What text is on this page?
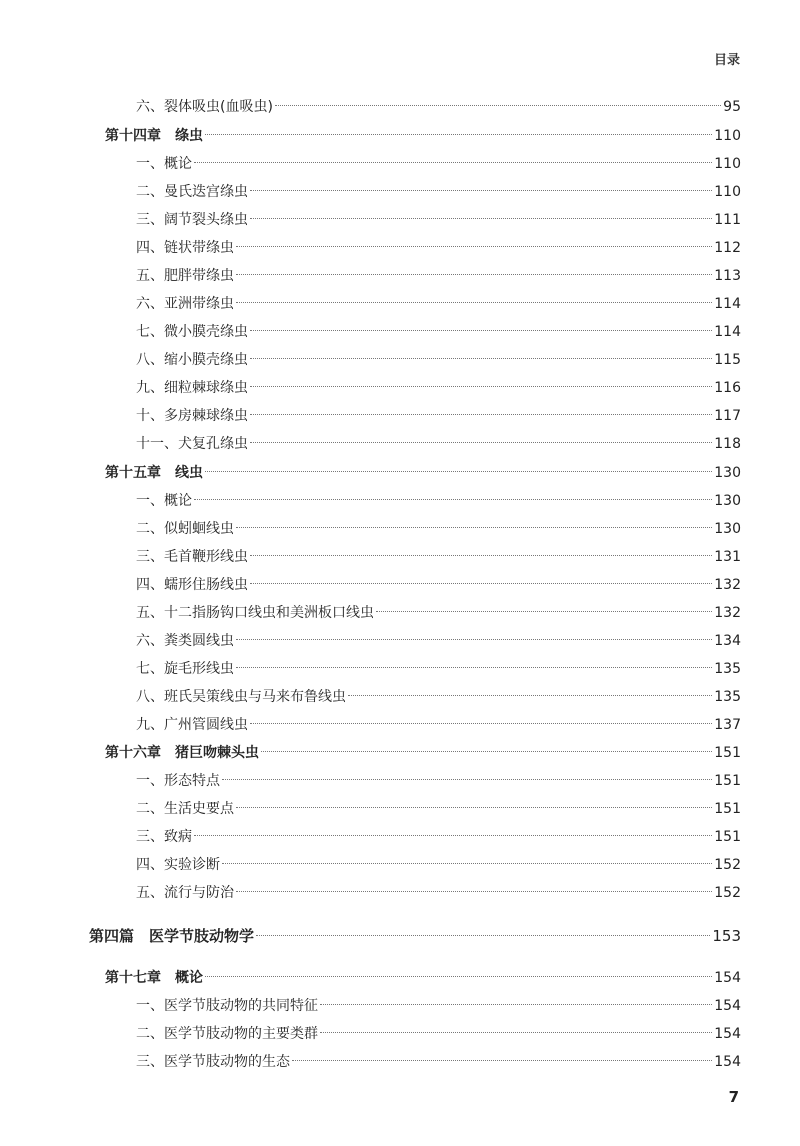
目录
六、裂体吸虫(血吸虫)	95
第十四章　绦虫	110
一、概论	110
二、曼氏迭宫绦虫	110
三、阔节裂头绦虫	111
四、链状带绦虫	112
五、肥胖带绦虫	113
六、亚洲带绦虫	114
七、微小膜壳绦虫	114
八、缩小膜壳绦虫	115
九、细粒棘球绦虫	116
十、多房棘球绦虫	117
十一、犬复孔绦虫	118
第十五章　线虫	130
一、概论	130
二、似蚓蛔线虫	130
三、毛首鞭形线虫	131
四、蠕形住肠线虫	132
五、十二指肠钩口线虫和美洲板口线虫	132
六、粪类圆线虫	134
七、旋毛形线虫	135
八、班氏吴策线虫与马来布鲁线虫	135
九、广州管圆线虫	137
第十六章　猪巨吻棘头虫	151
一、形态特点	151
二、生活史要点	151
三、致病	151
四、实验诊断	152
五、流行与防治	152
第四篇　医学节肢动物学	153
第十七章　概论	154
一、医学节肢动物的共同特征	154
二、医学节肢动物的主要类群	154
三、医学节肢动物的生态	154
7
